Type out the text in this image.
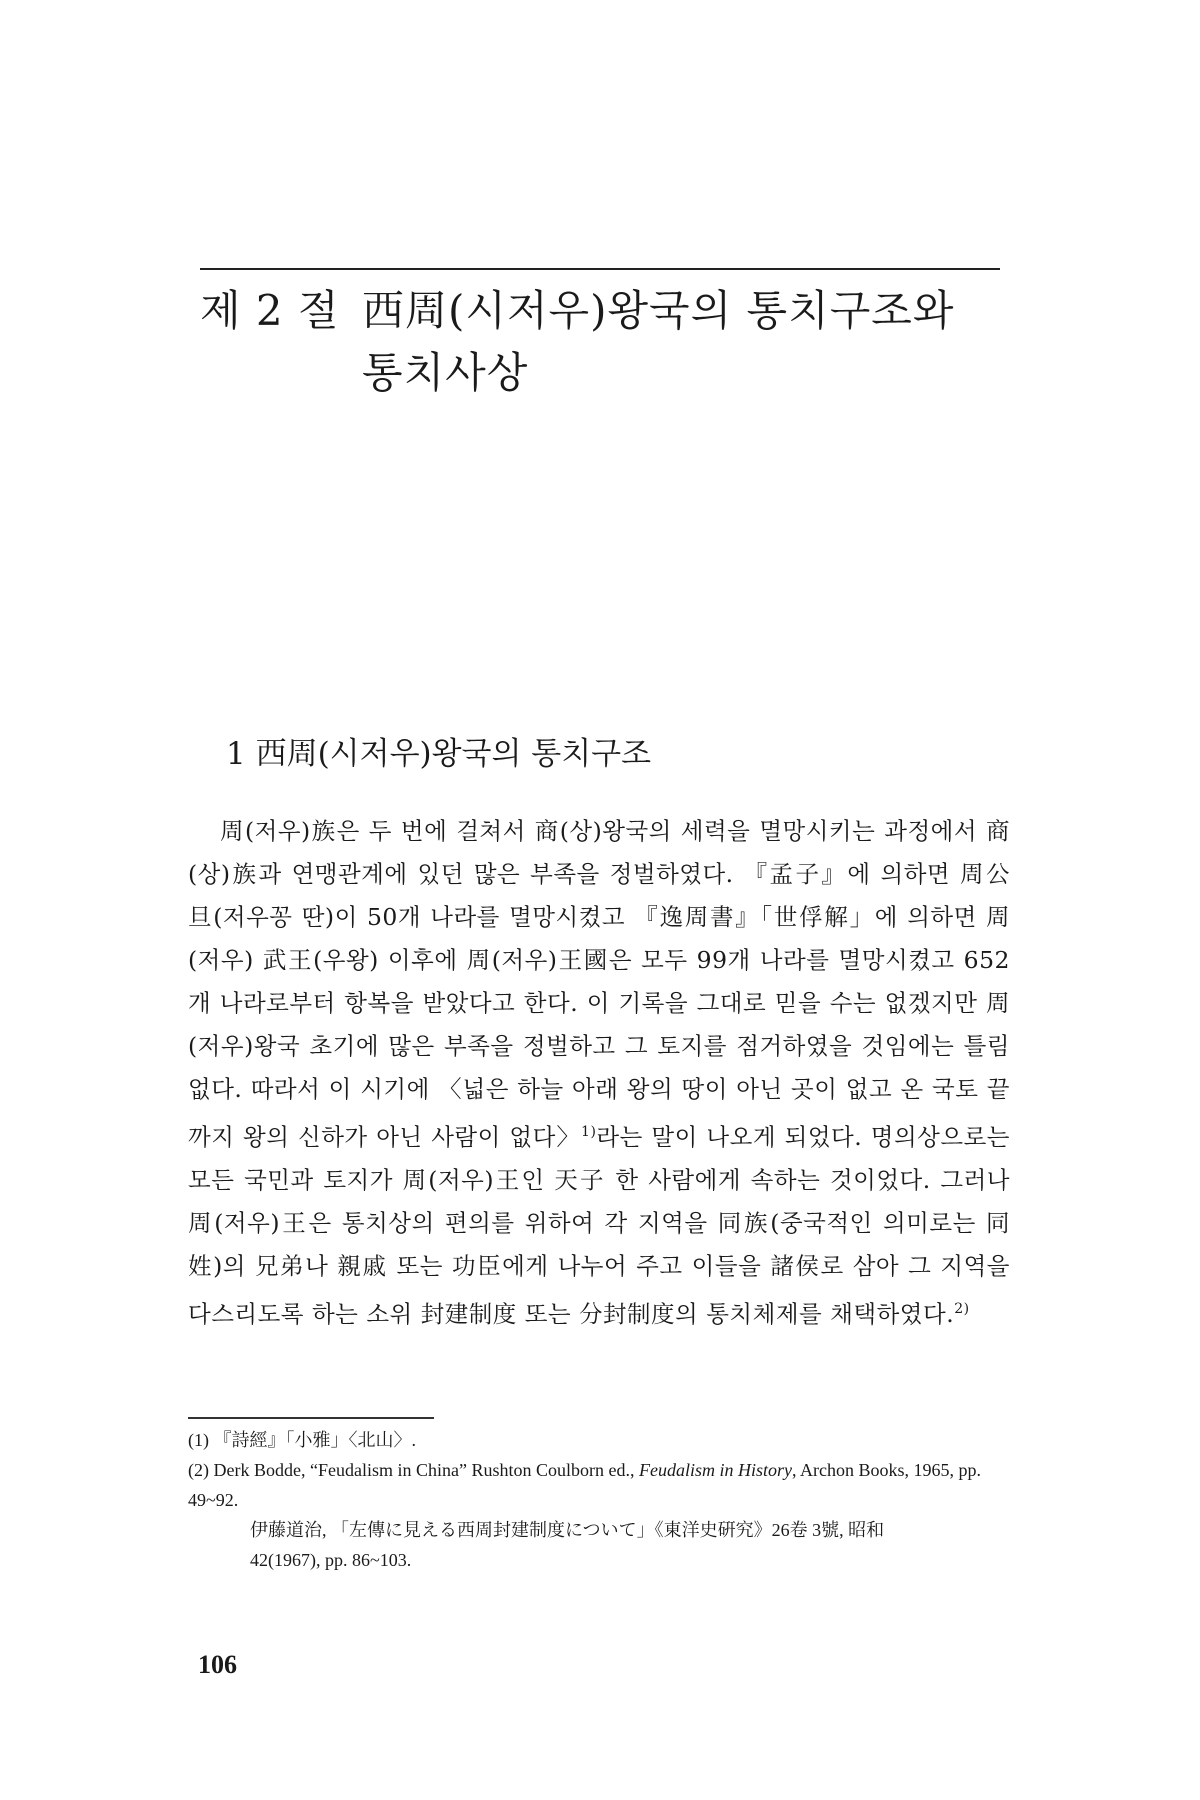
제 2 절 西周(시저우)왕국의 통치구조와 통치사상
1 西周(시저우)왕국의 통치구조

周(저우)族은 두 번에 걸쳐서 商(상)왕국의 세력을 멸망시키는 과정에서 商(상)族과 연맹관계에 있던 많은 부족을 정벌하였다. 『孟子』에 의하면 周公 旦(저우꽁 딴)이 50개 나라를 멸망시켰고 『逸周書』「世俘解」에 의하면 周(저우) 武王(우왕) 이후에 周(저우)王國은 모두 99개 나라를 멸망시켰고 652개 나라로부터 항복을 받았다고 한다. 이 기록을 그대로 믿을 수는 없겠지만 周(저우)왕국 초기에 많은 부족을 정벌하고 그 토지를 점거하였을 것임에는 틀림없다. 따라서 이 시기에 〈넓은 하늘 아래 왕의 땅이 아닌 곳이 없고 온 국토 끝까지 왕의 신하가 아닌 사람이 없다〉$^{1)}$라는 말이 나오게 되었다. 명의상으로는 모든 국민과 토지가 周(저우)王인 天子 한 사람에게 속하는 것이었다. 그러나 周(저우)王은 통치상의 편의를 위하여 각 지역을 同族(중국적인 의미로는 同姓)의 兄弟나 親戚 또는 功臣에게 나누어 주고 이들을 諸侯로 삼아 그 지역을 다스리도록 하는 소위 封建制度 또는 分封制度의 통치체제를 채택하였다.$^{2)}$

(1) 『詩經』「小雅」〈北山〉.

(2) Derk Bodde, “Feudalism in China” Rushton Coulborn ed., Feudalism in History, Archon Books, 1965, pp. 49~92.

伊藤道治, 「左傳に見える西周封建制度について」《東洋史硏究》26卷 3號, 昭和

42(1967), pp. 86~103.

106
